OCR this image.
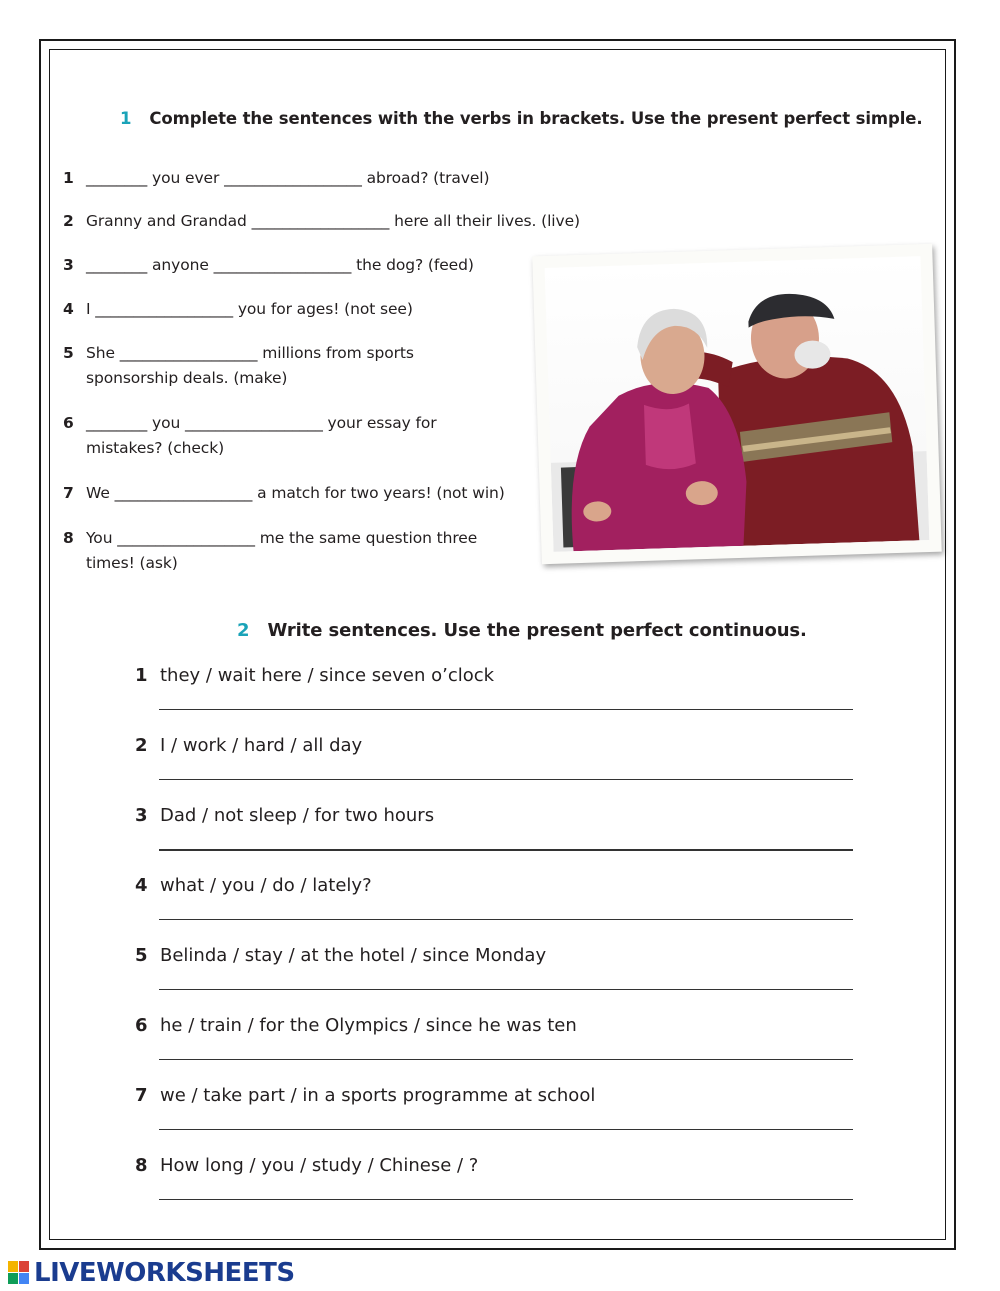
1 Complete the sentences with the verbs in brackets. Use the present perfect simple.
1 ________ you ever __________________ abroad? (travel)
2 Granny and Grandad __________________ here all their lives. (live)
3 ________ anyone __________________ the dog? (feed)
4 I __________________ you for ages! (not see)
5 She __________________ millions from sports
sponsorship deals. (make)
6 ________ you __________________ your essay for
mistakes? (check)
7 We __________________ a match for two years! (not win)
8 You __________________ me the same question three
times! (ask)
2 Write sentences. Use the present perfect continuous.
1 they / wait here / since seven o’clock
2 I / work / hard / all day
3 Dad / not sleep / for two hours
4 what / you / do / lately?
5 Belinda / stay / at the hotel / since Monday
6 he / train / for the Olympics / since he was ten
7 we / take part / in a sports programme at school
8 How long / you / study / Chinese / ?
LIVEWORKSHEETS
